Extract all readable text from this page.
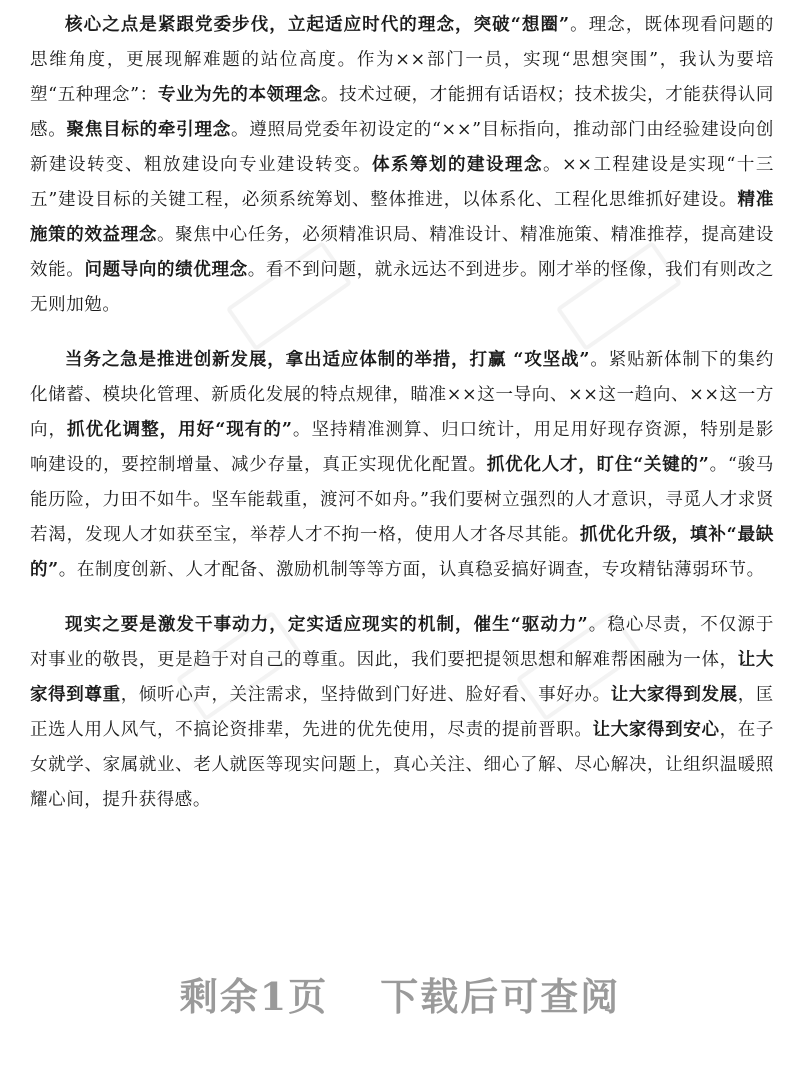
核心之点是紧跟党委步伐，立起适应时代的理念，突破“想圈”。理念，既体现看问题的思维角度，更展现解难题的站位高度。作为××部门一员，实现“思想突围”，我认为要培塑“五种理念”：专业为先的本领理念。技术过硬，才能拥有话语权；技术拔尖，才能获得认同感。聚焦目标的牵引理念。遵照局党委年初设定的“××”目标指向，推动部门由经验建设向创新建设转变、粗放建设向专业建设转变。体系筹划的建设理念。××工程建设是实现“十三五”建设目标的关键工程，必须系统筹划、整体推进，以体系化、工程化思维抓好建设。精准施策的效益理念。聚焦中心任务，必须精准识局、精准设计、精准施策、精准推荐，提高建设效能。问题导向的绩优理念。看不到问题，就永远达不到进步。刚才举的怪像，我们有则改之无则加勉。

当务之急是推进创新发展，拿出适应体制的举措，打赢 “攻坚战”。紧贴新体制下的集约化储蓄、模块化管理、新质化发展的特点规律，瞄准××这一导向、××这一趋向、××这一方向，抓优化调整，用好“现有的”。坚持精准测算、归口统计，用足用好现存资源，特别是影响建设的，要控制增量、减少存量，真正实现优化配置。抓优化人才，盯住“关键的”。“骏马能历险，力田不如牛。坚车能载重，渡河不如舟。”我们要树立强烈的人才意识，寻觅人才求贤若渴，发现人才如获至宝，举荐人才不拘一格，使用人才各尽其能。抓优化升级，填补“最缺的”。在制度创新、人才配备、激励机制等等方面，认真稳妥搞好调查，专攻精钻薄弱环节。

现实之要是激发干事动力，定实适应现实的机制，催生“驱动力”。稳心尽责，不仅源于对事业的敬畏，更是趋于对自己的尊重。因此，我们要把提领思想和解难帮困融为一体，让大家得到尊重，倾听心声，关注需求，坚持做到门好进、脸好看、事好办。让大家得到发展，匡正选人用人风气，不搞论资排辈，先进的优先使用，尽责的提前晋职。让大家得到安心，在子女就学、家属就业、老人就医等现实问题上，真心关注、细心了解、尽心解决，让组织温暖照耀心间，提升获得感。

剩余1页 下载后可查阅
